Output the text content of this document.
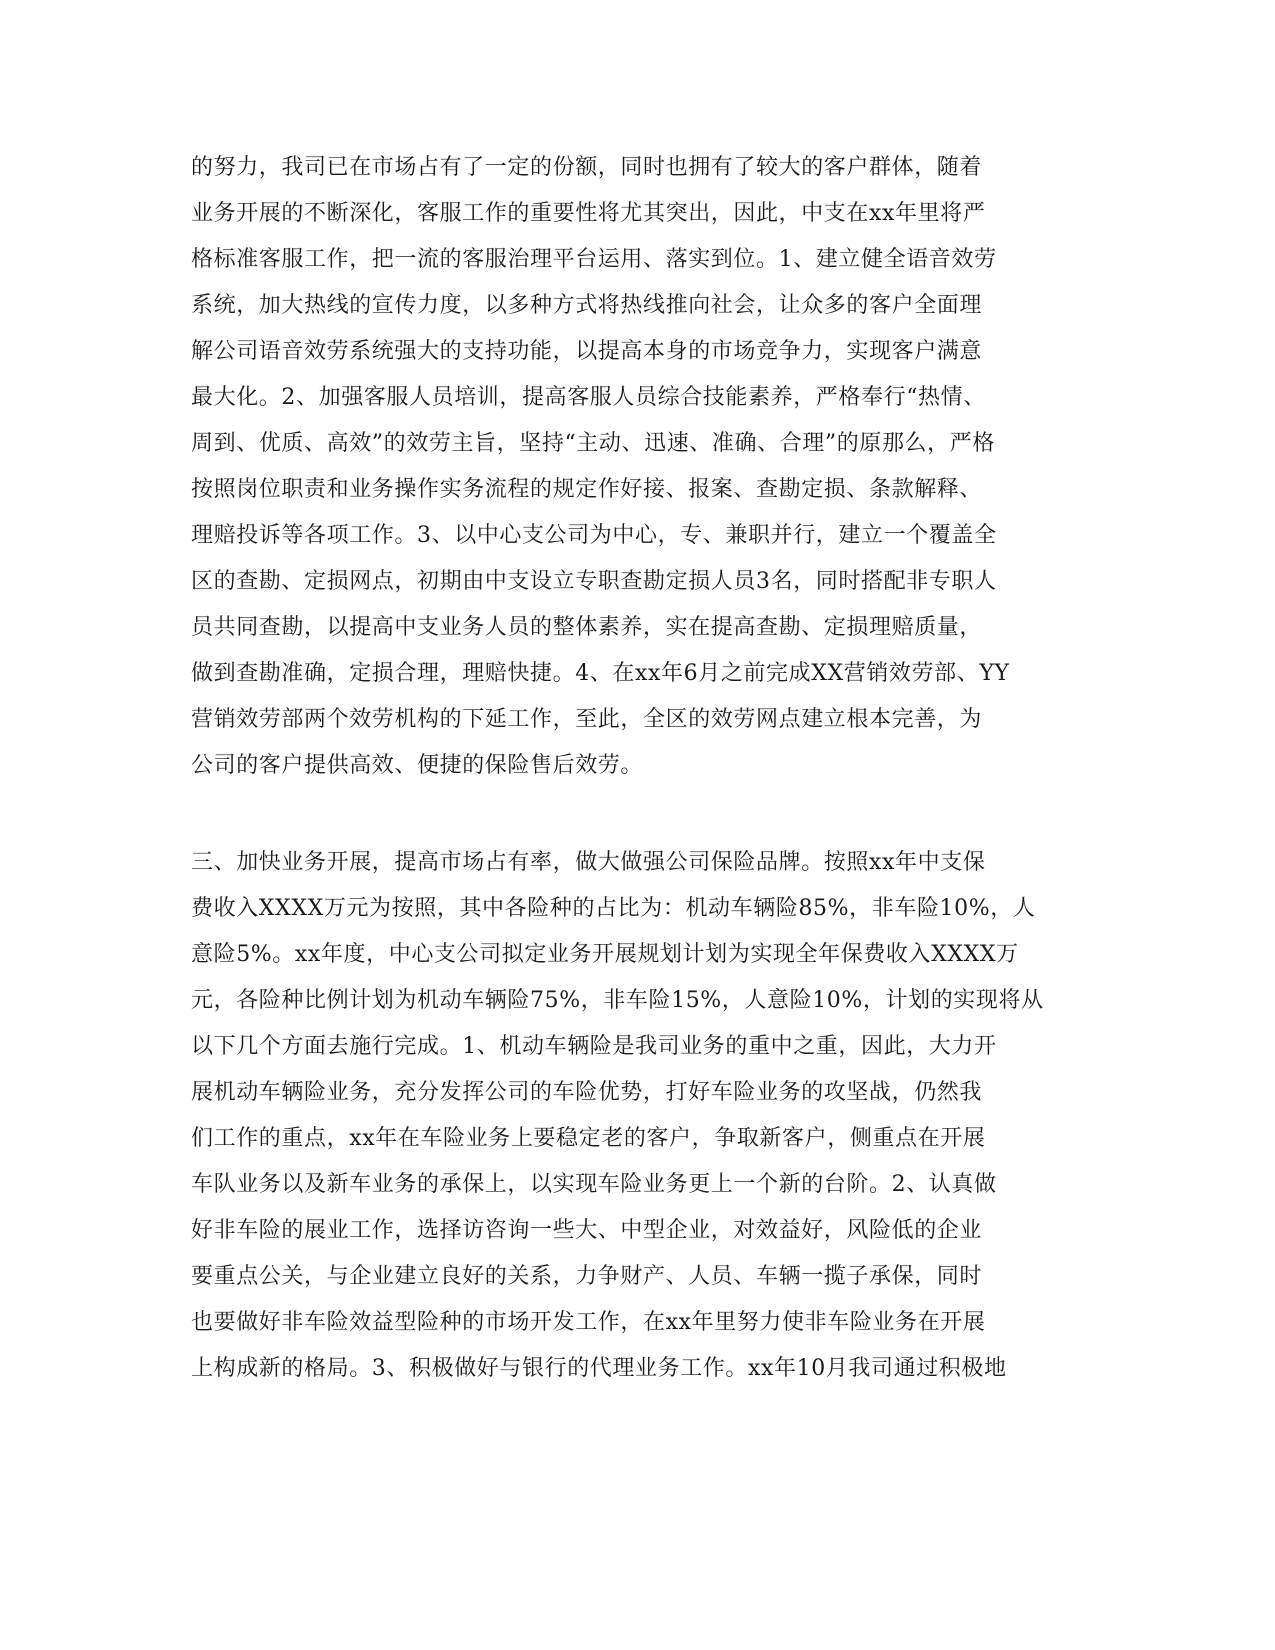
的努力，我司已在市场占有了一定的份额，同时也拥有了较大的客户群体，随着
业务开展的不断深化，客服工作的重要性将尤其突出，因此，中支在xx年里将严
格标准客服工作，把一流的客服治理平台运用、落实到位。1、建立健全语音效劳
系统，加大热线的宣传力度，以多种方式将热线推向社会，让众多的客户全面理
解公司语音效劳系统强大的支持功能，以提高本身的市场竞争力，实现客户满意
最大化。2、加强客服人员培训，提高客服人员综合技能素养，严格奉行“热情、
周到、优质、高效”的效劳主旨，坚持“主动、迅速、准确、合理”的原那么，严格
按照岗位职责和业务操作实务流程的规定作好接、报案、查勘定损、条款解释、
理赔投诉等各项工作。3、以中心支公司为中心，专、兼职并行，建立一个覆盖全
区的查勘、定损网点，初期由中支设立专职查勘定损人员3名，同时搭配非专职人
员共同查勘，以提高中支业务人员的整体素养，实在提高查勘、定损理赔质量，
做到查勘准确，定损合理，理赔快捷。4、在xx年6月之前完成XX营销效劳部、YY
营销效劳部两个效劳机构的下延工作，至此，全区的效劳网点建立根本完善，为
公司的客户提供高效、便捷的保险售后效劳。
三、加快业务开展，提高市场占有率，做大做强公司保险品牌。按照xx年中支保
费收入XXXX万元为按照，其中各险种的占比为：机动车辆险85%，非车险10%，人
意险5%。xx年度，中心支公司拟定业务开展规划计划为实现全年保费收入XXXX万
元，各险种比例计划为机动车辆险75%，非车险15%，人意险10%，计划的实现将从
以下几个方面去施行完成。1、机动车辆险是我司业务的重中之重，因此，大力开
展机动车辆险业务，充分发挥公司的车险优势，打好车险业务的攻坚战，仍然我
们工作的重点，xx年在车险业务上要稳定老的客户，争取新客户，侧重点在开展
车队业务以及新车业务的承保上，以实现车险业务更上一个新的台阶。2、认真做
好非车险的展业工作，选择访咨询一些大、中型企业，对效益好，风险低的企业
要重点公关，与企业建立良好的关系，力争财产、人员、车辆一揽子承保，同时
也要做好非车险效益型险种的市场开发工作，在xx年里努力使非车险业务在开展
上构成新的格局。3、积极做好与银行的代理业务工作。xx年10月我司通过积极地
